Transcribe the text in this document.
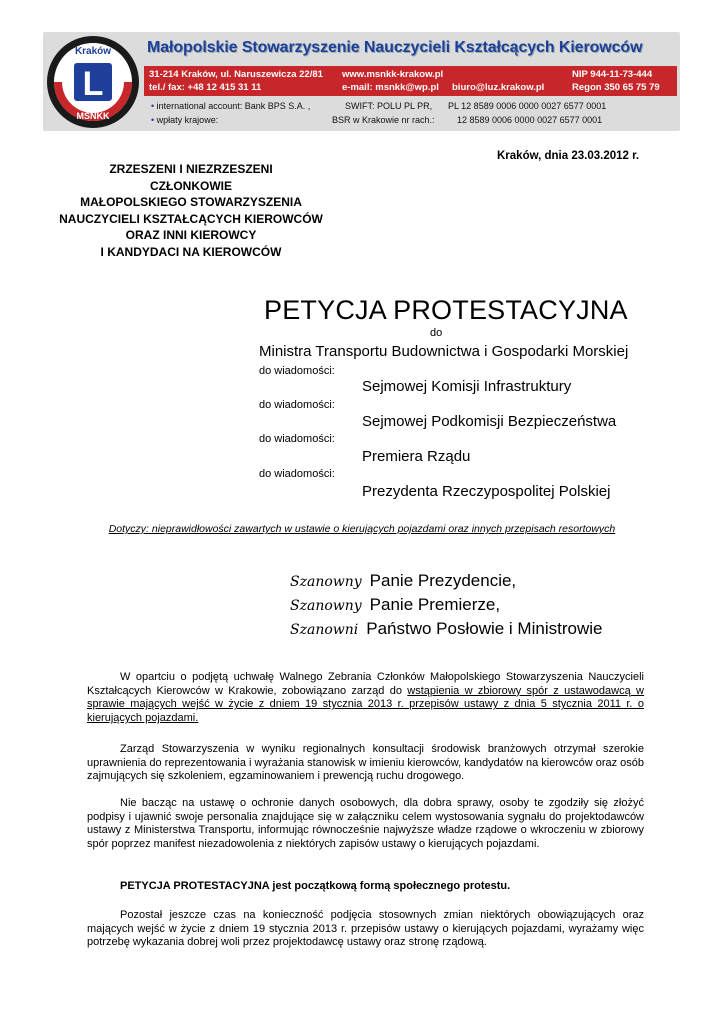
L
Kraków
MSNKK
Małopolskie Stowarzyszenie Nauczycieli Kształcących Kierowców
31-214 Kraków, ul. Naruszewicza 22/81
tel./ fax: +48 12 415 31 11
www.msnkk-krakow.pl
e-mail: msnkk@wp.pl biuro@luz.krakow.pl
NIP 944-11-73-444
Regon 350 65 75 79
• international account: Bank BPS S.A. ,	SWIFT: POLU PL PR, PL 12 8589 0006 0000 0027 6577 0001
• wpłaty krajowe:	BSR w Krakowie nr rach.: 12 8589 0006 0000 0027 6577 0001
Kraków, dnia 23.03.2012 r.
ZRZESZENI I NIEZRZESZENI
CZŁONKOWIE
MAŁOPOLSKIEGO STOWARZYSZENIA
NAUCZYCIELI KSZTAŁCĄCYCH KIEROWCÓW
ORAZ INNI KIEROWCY
I KANDYDACI NA KIEROWCÓW
PETYCJA PROTESTACYJNA
do
Ministra Transportu Budownictwa i Gospodarki Morskiej
do wiadomości:
Sejmowej Komisji Infrastruktury
do wiadomości:
Sejmowej Podkomisji Bezpieczeństwa
do wiadomości:
Premiera Rządu
do wiadomości:
Prezydenta Rzeczypospolitej Polskiej
Dotyczy: nieprawidłowości zawartych w ustawie o kierujących pojazdami oraz innych przepisach resortowych
Szanowny Panie Prezydencie,
Szanowny Panie Premierze,
Szanowni Państwo Posłowie i Ministrowie

W opartciu o podjętą uchwałę Walnego Zebrania Członków Małopolskiego Stowarzyszenia Nauczycieli Kształcących Kierowców w Krakowie, zobowiązano zarząd do wstąpienia w zbiorowy spór z ustawodawcą w sprawie mających wejść w życie z dniem 19 stycznia 2013 r. przepisów ustawy z dnia 5 stycznia 2011 r. o kierujących pojazdami.

Zarząd Stowarzyszenia w wyniku regionalnych konsultacji środowisk branżowych otrzymał szerokie uprawnienia do reprezentowania i wyrażania stanowisk w imieniu kierowców, kandydatów na kierowców oraz osób zajmujących się szkoleniem, egzaminowaniem i prewencją ruchu drogowego.

Nie bacząc na ustawę o ochronie danych osobowych, dla dobra sprawy, osoby te zgodziły się złożyć podpisy i ujawnić swoje personalia znajdujące się w załączniku celem wystosowania sygnału do projektodawców ustawy z Ministerstwa Transportu, informując równocześnie najwyższe władze rządowe o wkroczeniu w zbiorowy spór poprzez manifest niezadowolenia z niektórych zapisów ustawy o kierujących pojazdami.

PETYCJA PROTESTACYJNA jest początkową formą społecznego protestu.

Pozostał jeszcze czas na konieczność podjęcia stosownych zmian niektórych obowiązujących oraz mających wejść w życie z dniem 19 stycznia 2013 r. przepisów ustawy o kierujących pojazdami, wyrażamy więc potrzebę wykazania dobrej woli przez projektodawcę ustawy oraz stronę rządową.
